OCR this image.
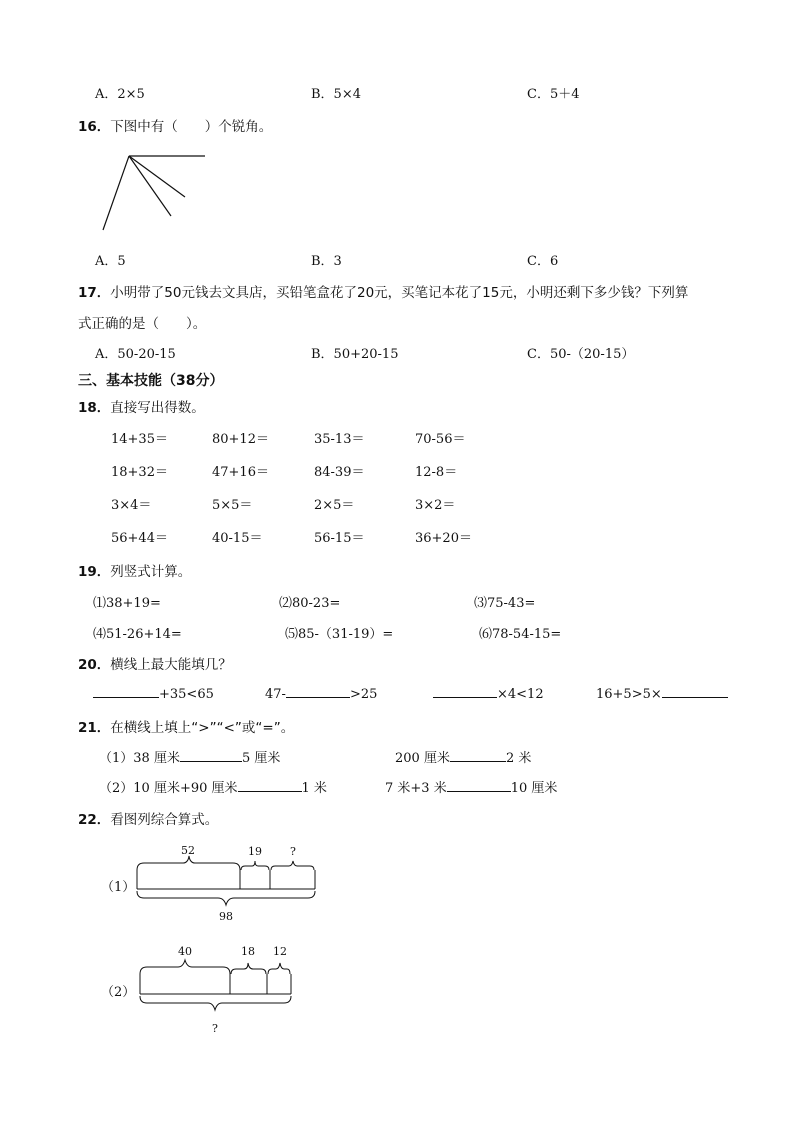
A．2×5	B．5×4	C．5＋4
16．下图中有（　　）个锐角。
A．5	B．3	C．6
17．小明带了50元钱去文具店，买铅笔盒花了20元，买笔记本花了15元，小明还剩下多少钱？下列算
式正确的是（　　）。
A．50-20-15	B．50+20-15	C．50-（20-15）
三、基本技能（38分）
18．直接写出得数。
14+35＝	80+12＝	35-13＝	70-56＝
18+32＝	47+16＝	84-39＝	12-8＝
3×4＝	5×5＝	2×5＝	3×2＝
56+44＝	40-15＝	56-15＝	36+20＝
19．列竖式计算。
⑴38+19=	⑵80-23=	⑶75-43=
⑷51-26+14=	⑸85-（31-19）=	⑹78-54-15=
20．横线上最大能填几？
+35<65	47-	>25	×4<12	16+5>5×
21．在横线上填上“>”“<”或“=”。
（1）38 厘米	5 厘米	200 厘米	2 米
（2）10 厘米+90 厘米	1 米	7 米+3 米	10 厘米
22．看图列综合算式。
（1）
52	19	?
98
（2）
40	18 12
?
